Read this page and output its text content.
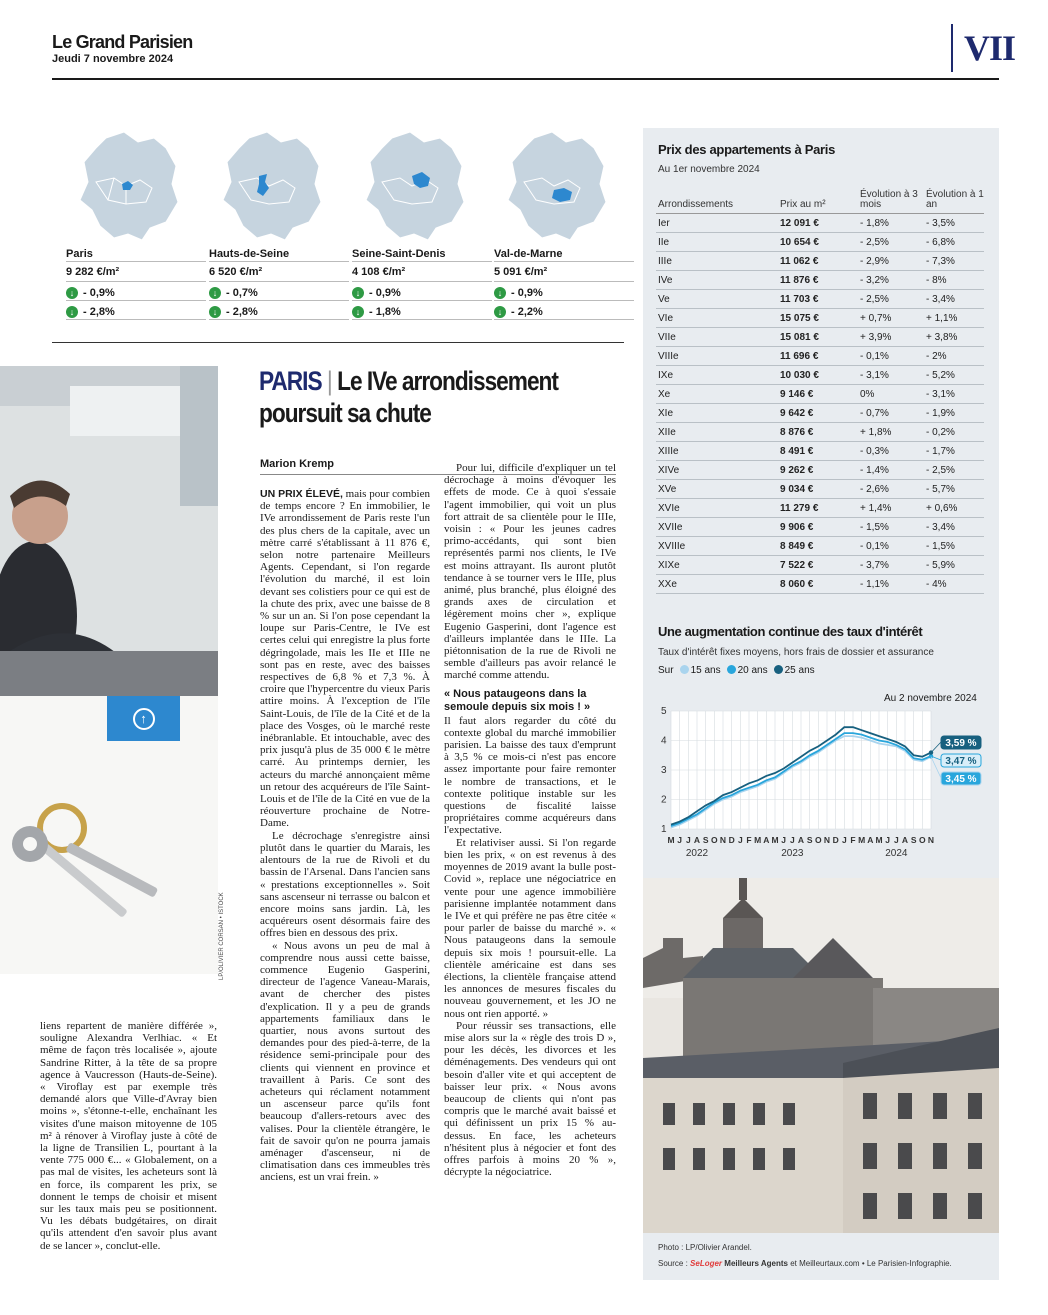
Le Grand Parisien
Jeudi 7 novembre 2024	VII
Paris
9 282 €/m²
↓ - 0,9%
↓ - 2,8%
Hauts-de-Seine
6 520 €/m²
↓ - 0,7%
↓ - 2,8%
Seine-Saint-Denis
4 108 €/m²
↓ - 0,9%
↓ - 1,8%
Val-de-Marne
5 091 €/m²
↓ - 0,9%
↓ - 2,2%
↑
LP/OLIVIER CORSAN • ISTOCK
PARIS | Le IVe arrondissement
poursuit sa chute
Marion Kremp

UN PRIX ÉLEVÉ, mais pour combien de temps encore ? En immobilier, le IVe arrondissement de Paris reste l'un des plus chers de la capitale, avec un mètre carré s'établissant à 11 876 €, selon notre partenaire Meilleurs Agents. Cependant, si l'on regarde l'évolution du marché, il est loin devant ses colistiers pour ce qui est de la chute des prix, avec une baisse de 8 % sur un an. Si l'on pose cependant la loupe sur Paris-Centre, le IVe est certes celui qui enregistre la plus forte dégringolade, mais les IIe et IIIe ne sont pas en reste, avec des baisses respectives de 6,8 % et 7,3 %. À croire que l'hypercentre du vieux Paris attire moins. À l'exception de l'île Saint-Louis, de l'île de la Cité et de la place des Vosges, où le marché reste inébranlable. Et intouchable, avec des prix jusqu'à plus de 35 000 € le mètre carré. Au printemps dernier, les acteurs du marché annonçaient même un retour des acquéreurs de l'île Saint-Louis et de l'île de la Cité en vue de la réouverture prochaine de Notre-Dame.

Le décrochage s'enregistre ainsi plutôt dans le quartier du Marais, les alentours de la rue de Rivoli et du bassin de l'Arsenal. Dans l'ancien sans « prestations exceptionnelles ». Soit sans ascenseur ni terrasse ou balcon et encore moins sans jardin. Là, les acquéreurs osent désormais faire des offres bien en dessous des prix.

« Nous avons un peu de mal à comprendre nous aussi cette baisse, commence Eugenio Gasperini, directeur de l'agence Vaneau-Marais, avant de chercher des pistes d'explication. Il y a peu de grands appartements familiaux dans le quartier, nous avons surtout des demandes pour des pied-à-terre, de la résidence semi-principale pour des clients qui viennent en province et travaillent à Paris. Ce sont des acheteurs qui réclament notamment un ascenseur parce qu'ils font beaucoup d'allers-retours avec des valises. Pour la clientèle étrangère, le fait de savoir qu'on ne pourra jamais aménager d'ascenseur, ni de climatisation dans ces immeubles très anciens, est un vrai frein. »

Pour lui, difficile d'expliquer un tel décrochage à moins d'évoquer les effets de mode. Ce à quoi s'essaie l'agent immobilier, qui voit un plus fort attrait de sa clientèle pour le IIIe, voisin : « Pour les jeunes cadres primo-accédants, qui sont bien représentés parmi nos clients, le IVe est moins attrayant. Ils auront plutôt tendance à se tourner vers le IIIe, plus animé, plus branché, plus éloigné des grands axes de circulation et légèrement moins cher », explique Eugenio Gasperini, dont l'agence est d'ailleurs implantée dans le IIIe. La piétonnisation de la rue de Rivoli ne semble d'ailleurs pas avoir relancé le marché comme attendu.

« Nous pataugeons dans la semoule depuis six mois ! »

Il faut alors regarder du côté du contexte global du marché immobilier parisien. La baisse des taux d'emprunt à 3,5 % ce mois-ci n'est pas encore assez importante pour faire remonter le nombre de transactions, et le contexte politique instable sur les questions de fiscalité laisse propriétaires comme acquéreurs dans l'expectative.

Et relativiser aussi. Si l'on regarde bien les prix, « on est revenus à des moyennes de 2019 avant la bulle post-Covid », replace une négociatrice en vente pour une agence immobilière parisienne implantée notamment dans le IVe et qui préfère ne pas être citée « pour parler de baisse du marché ». « Nous pataugeons dans la semoule depuis six mois ! poursuit-elle. La clientèle américaine est dans ses élections, la clientèle française attend les annonces de mesures fiscales du nouveau gouvernement, et les JO ne nous ont rien apporté. »

Pour réussir ses transactions, elle mise alors sur la « règle des trois D », pour les décès, les divorces et les déménagements. Des vendeurs qui ont besoin d'aller vite et qui acceptent de baisser leur prix. « Nous avons beaucoup de clients qui n'ont pas compris que le marché avait baissé et qui définissent un prix 15 % au-dessus. En face, les acheteurs n'hésitent plus à négocier et font des offres parfois à moins 20 % », décrypte la négociatrice.

liens repartent de manière différée », souligne Alexandra Verlhiac. « Et même de façon très localisée », ajoute Sandrine Ritter, à la tête de sa propre agence à Vaucresson (Hauts-de-Seine). « Viroflay est par exemple très demandé alors que Ville-d'Avray bien moins », s'étonne-t-elle, enchaînant les visites d'une maison mitoyenne de 105 m² à rénover à Viroflay juste à côté de la ligne de Transilien L, pourtant à la vente 775 000 €... « Globalement, on a pas mal de visites, les acheteurs sont là en force, ils comparent les prix, se donnent le temps de choisir et misent sur les taux mais peu se positionnent. Vu les débats budgétaires, on dirait qu'ils attendent d'en savoir plus avant de se lancer », conclut-elle.

Prix des appartements à Paris
Au 1er novembre 2024
Arrondissements	Prix au m²	Évolution à 3 mois	Évolution à 1 an
Ier	12 091 €	- 1,8%	- 3,5%
IIe	10 654 €	- 2,5%	- 6,8%
IIIe	11 062 €	- 2,9%	- 7,3%
IVe	11 876 €	- 3,2%	- 8%
Ve	11 703 €	- 2,5%	- 3,4%
VIe	15 075 €	+ 0,7%	+ 1,1%
VIIe	15 081 €	+ 3,9%	+ 3,8%
VIIIe	11 696 €	- 0,1%	- 2%
IXe	10 030 €	- 3,1%	- 5,2%
Xe	9 146 €	0%	- 3,1%
XIe	9 642 €	- 0,7%	- 1,9%
XIIe	8 876 €	+ 1,8%	- 0,2%
XIIIe	8 491 €	- 0,3%	- 1,7%
XIVe	9 262 €	- 1,4%	- 2,5%
XVe	9 034 €	- 2,6%	- 5,7%
XVIe	11 279 €	+ 1,4%	+ 0,6%
XVIIe	9 906 €	- 1,5%	- 3,4%
XVIIIe	8 849 €	- 0,1%	- 1,5%
XIXe	7 522 €	- 3,7%	- 5,9%
XXe	8 060 €	- 1,1%	- 4%
Une augmentation continue des taux d'intérêt
Taux d'intérêt fixes moyens, hors frais de dossier et assurance
Sur	15 ans	20 ans	25 ans
Au 2 novembre 2024
1
2
3
4
5
M J J A S O N D J F M A M J J A S O N D J F M A M J J A S O N
2022	2023	2024
3,59 %
3,47 %
3,45 %
Photo : LP/Olivier Arandel.
Source : SeLoger Meilleurs Agents et Meilleurtaux.com • Le Parisien-Infographie.
